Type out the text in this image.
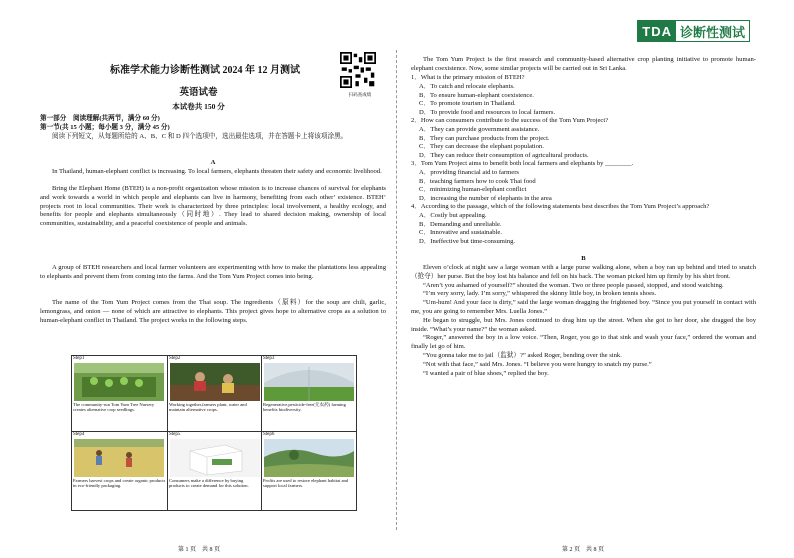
TDA 诊断性测试
标准学术能力诊断性测试 2024 年 12 月测试
扫码查成绩
英语试卷
本试卷共 150 分
第一部分　阅读理解(共两节，满分 60 分)
第一节(共 15 小题；每小题 3 分，满分 45 分)
阅读下列短文，从每题所给的 A、B、C 和 D 四个选项中，选出最佳选项，并在答题卡上将该项涂黑。
A
In Thailand, human-elephant conflict is increasing. To local farmers, elephants threaten their safety and economic livelihood.
Bring the Elephant Home (BTEH) is a non-profit organization whose mission is to increase chances of survival for elephants and work towards a world in which people and elephants can live in harmony, benefiting from each other’ existence. BTEH’ projects root in local communities. Their work is characterized by three principles: local involvement, a healthy ecology, and benefits for people and elephants simultaneously（同时地）. They lead to shared decision making, ownership of local communities, sustainability, and a peaceful coexistence of people and animals.
A group of BTEH researchers and local farmer volunteers are experimenting with how to make the plantations less appealing to elephants and prevent them from coming into the farms. And the Tom Yum Project comes into being.
The name of the Tom Yum Project comes from the Thai soup. The ingredients（原料）for the soup are chili, garlic, lemongrass, and onion — none of which are attractive to elephants. This project gives hope to alternative crops as a solution to human-elephant conflict in Thailand. The project works in the following steps.
Step1
The community-run Tom Yum Tree Nursery creates alternative crop seedlings.
Step2
Working together,farmers plant, water and maintain alternative crops.
Step3
Regenerative,pesticide-free(无农药) farming benefits biodiversity.
Step4
Farmers harvest crops and create organic products in eco-friendly packaging.
Step5
Consumers make a difference by buying products to create demand for this solution.
Step6
Profits are used to restore elephant habitat and support local farmers.
第 1 页　共 8 页
The Tom Yum Project is the first research and community-based alternative crop planting initiative to promote human-elephant coexistence. Now, some similar projects will be carried out in Sri Lanka.
1．What is the primary mission of BTEH?
A．To catch and relocate elephants.
B．To ensure human-elephant coexistence.
C．To promote tourism in Thailand.
D．To provide food and resources to local farmers.
2．How can consumers contribute to the success of the Tom Yum Project?
A．They can provide government assistance.
B．They can purchase products from the project.
C．They can decrease the elephant population.
D．They can reduce their consumption of agricultural products.
3．Tom Yum Project aims to benefit both local farmers and elephants by ________.
A．providing financial aid to farmers
B．teaching farmers how to cook Thai food
C．minimizing human-elephant conflict
D．increasing the number of elephants in the area
4．According to the passage, which of the following statements best describes the Tom Yum Project’s approach?
A．Costly but appealing.
B．Demanding and unreliable.
C．Innovative and sustainable.
D．Ineffective but time-consuming.
B
Eleven o’clock at night saw a large woman with a large purse walking alone, when a boy ran up behind and tried to snatch（抢夺）her purse. But the boy lost his balance and fell on his back. The woman picked him up firmly by his shirt front.
“Aren’t you ashamed of yourself?” shouted the woman. Two or three people passed, stopped, and stood watching.
“I’m very sorry, lady. I’m sorry,” whispered the skinny little boy, in broken tennis shoes.
“Um-hum! And your face is dirty,” said the large woman dragging the frightened boy. “Since you put yourself in contact with me, you are going to remember Mrs. Luella Jones.”
He began to struggle, but Mrs. Jones continued to drag him up the street. When she got to her door, she dragged the boy inside. “What’s your name?” the woman asked.
“Roger,” answered the boy in a low voice. “Then, Roger, you go to that sink and wash your face,” ordered the woman and finally let go of him.
“You gonna take me to jail（监狱）?” asked Roger, bending over the sink.
“Not with that face,” said Mrs. Jones. “I believe you were hungry to snatch my purse.”
“I wanted a pair of blue shoes,” replied the boy.
第 2 页　共 8 页
